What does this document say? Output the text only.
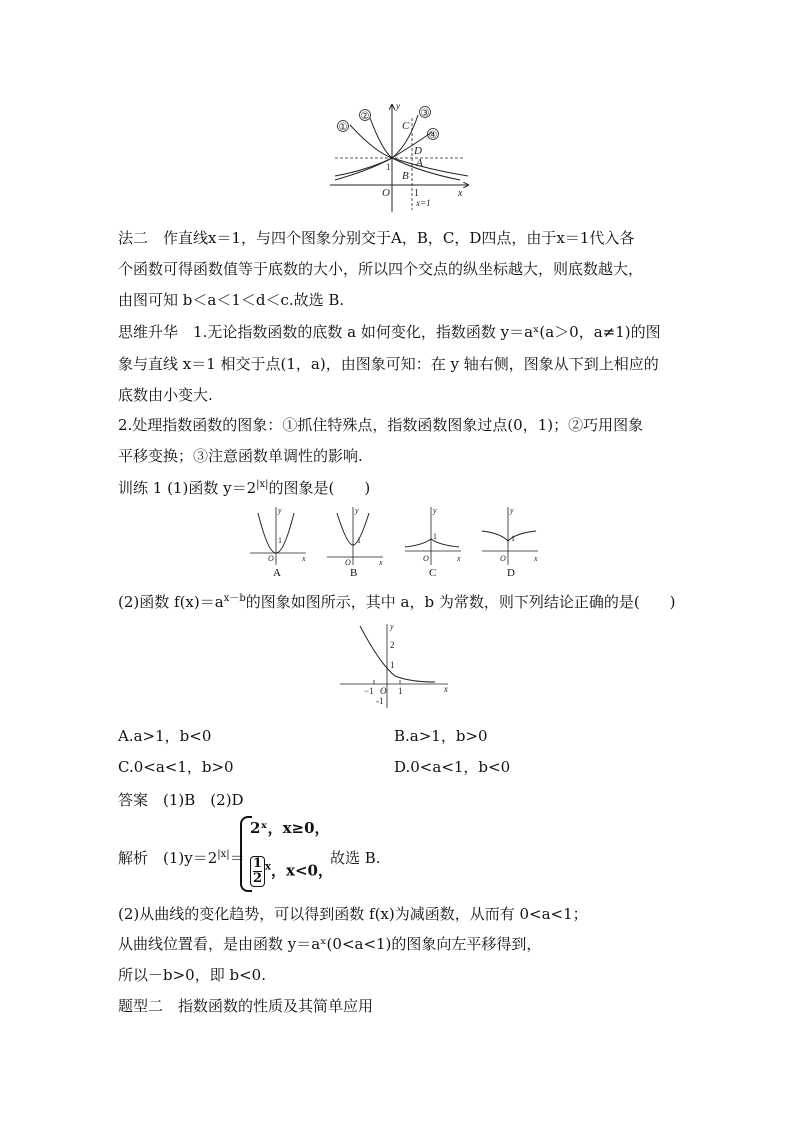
①
②	③
④
C
D
A
B
1
O 1
x=1
x
y
法二　 作直线x＝1，与四个图象分别交于A，B，C，D四点，由于x＝1代入各
个函数可得函数值等于底数的大小，所以四个交点的纵坐标越大，则底数越大，
由图可知 b＜a＜1＜d＜c.故选 B.
思维升华　 1.无论指数函数的底数 a 如何变化，指数函数 y＝aˣ(a＞0，a≠1)的图
象与直线 x＝1 相交于点(1，a)，由图象可知：在 y 轴右侧，图象从下到上相应的
底数由小变大.
2.处理指数函数的图象：①抓住特殊点，指数函数图象过点(0，1)；②巧用图象
平移变换；③注意函数单调性的影响.
训练 1 (1)函数 $y=2^{|x|}$的图象是(　　)
y
1
O	x
A
y
1
O	x
B
y
1
O	x
C
y
1
O	x
D
(2)函数 $f(x)=a^{x-b}$的图象如图所示，其中 a，b 为常数，则下列结论正确的是(　　)
y
2
1
-1
−1 O 1	x
A.a>1，b<0	B.a>1，b>0
C.0<a<1，b>0	D.0<a<1，b<0
答案　 (1)B　(2)D
解析　 $(1)y=2^{|x|}=$
2ˣ，x≥0，
$\frac{1}{2}^x$，x<0，
故选 B.
(2)从曲线的变化趋势，可以得到函数 f(x)为减函数，从而有 0<a<1；
从曲线位置看，是由函数 y＝aˣ(0<a<1)的图象向左平移得到，
所以－b>0，即 b<0.
题型二　指数函数的性质及其简单应用
